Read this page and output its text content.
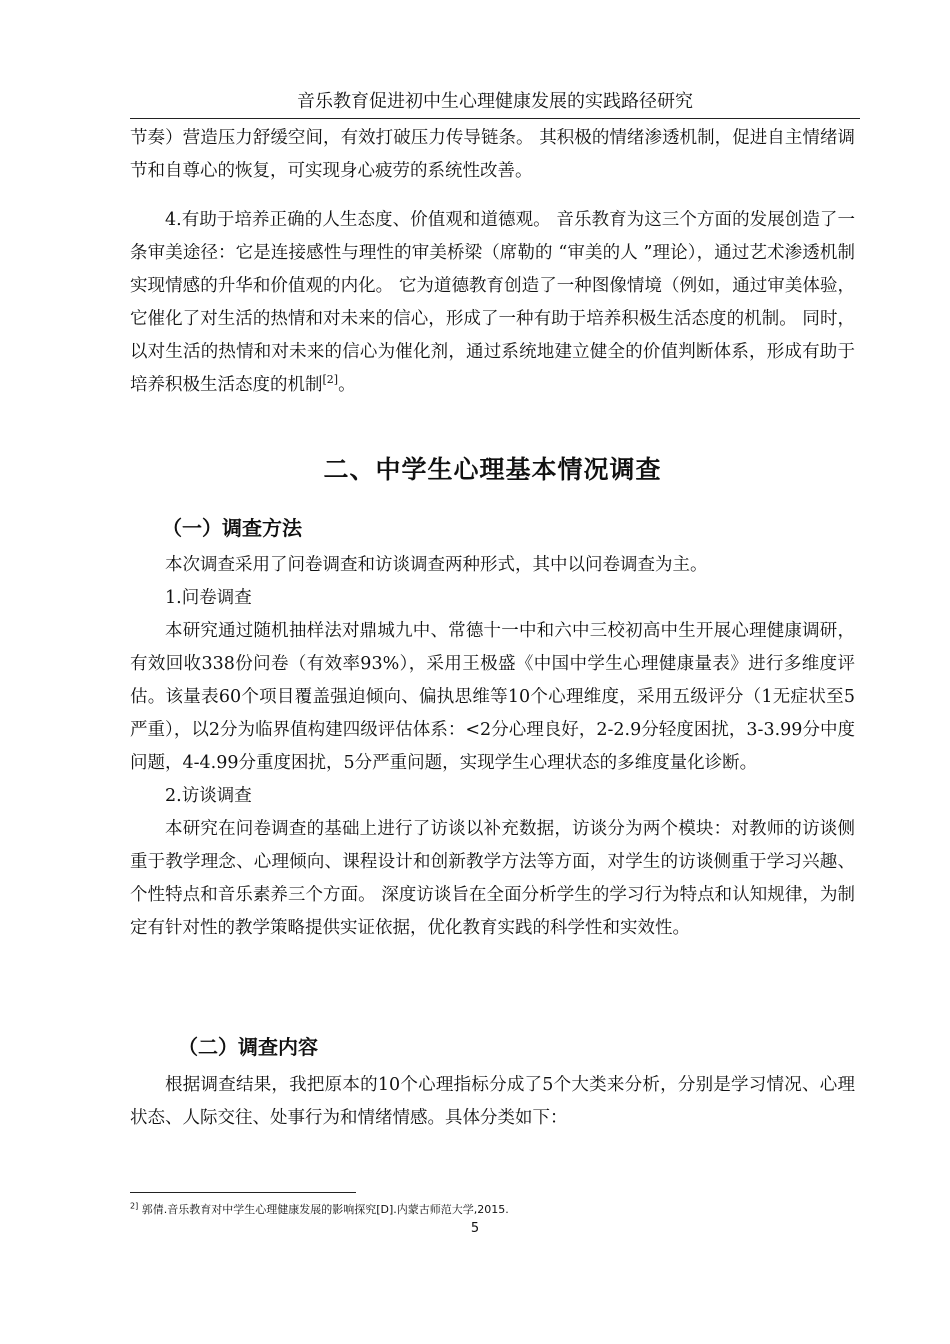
音乐教育促进初中生心理健康发展的实践路径研究

节奏）营造压力舒缓空间，有效打破压力传导链条。 其积极的情绪渗透机制，促进自主情绪调节和自尊心的恢复，可实现身心疲劳的系统性改善。

4.有助于培养正确的人生态度、价值观和道德观。 音乐教育为这三个方面的发展创造了一条审美途径：它是连接感性与理性的审美桥梁（席勒的 “审美的人 ”理论），通过艺术渗透机制实现情感的升华和价值观的内化。 它为道德教育创造了一种图像情境（例如，通过审美体验，它催化了对生活的热情和对未来的信心，形成了一种有助于培养积极生活态度的机制。 同时，以对生活的热情和对未来的信心为催化剂，通过系统地建立健全的价值判断体系，形成有助于培养积极生活态度的机制[2]。

二、中学生心理基本情况调查
（一）调查方法

本次调查采用了问卷调查和访谈调查两种形式，其中以问卷调查为主。

1.问卷调查

本研究通过随机抽样法对鼎城九中、常德十一中和六中三校初高中生开展心理健康调研，有效回收338份问卷（有效率93%），采用王极盛《中国中学生心理健康量表》进行多维度评估。该量表60个项目覆盖强迫倾向、偏执思维等10个心理维度，采用五级评分（1无症状至5严重），以2分为临界值构建四级评估体系：<2分心理良好，2-2.9分轻度困扰，3-3.99分中度问题，4-4.99分重度困扰，5分严重问题，实现学生心理状态的多维度量化诊断。

2.访谈调查

本研究在问卷调查的基础上进行了访谈以补充数据，访谈分为两个模块：对教师的访谈侧重于教学理念、心理倾向、课程设计和创新教学方法等方面，对学生的访谈侧重于学习兴趣、个性特点和音乐素养三个方面。 深度访谈旨在全面分析学生的学习行为特点和认知规律，为制定有针对性的教学策略提供实证依据，优化教育实践的科学性和实效性。

（二）调查内容

根据调查结果，我把原本的10个心理指标分成了5个大类来分析，分别是学习情况、心理状态、人际交往、处事行为和情绪情感。具体分类如下：

$^{2]}$ 郭倩.音乐教育对中学生心理健康发展的影响探究[D].内蒙古师范大学,2015.
5
